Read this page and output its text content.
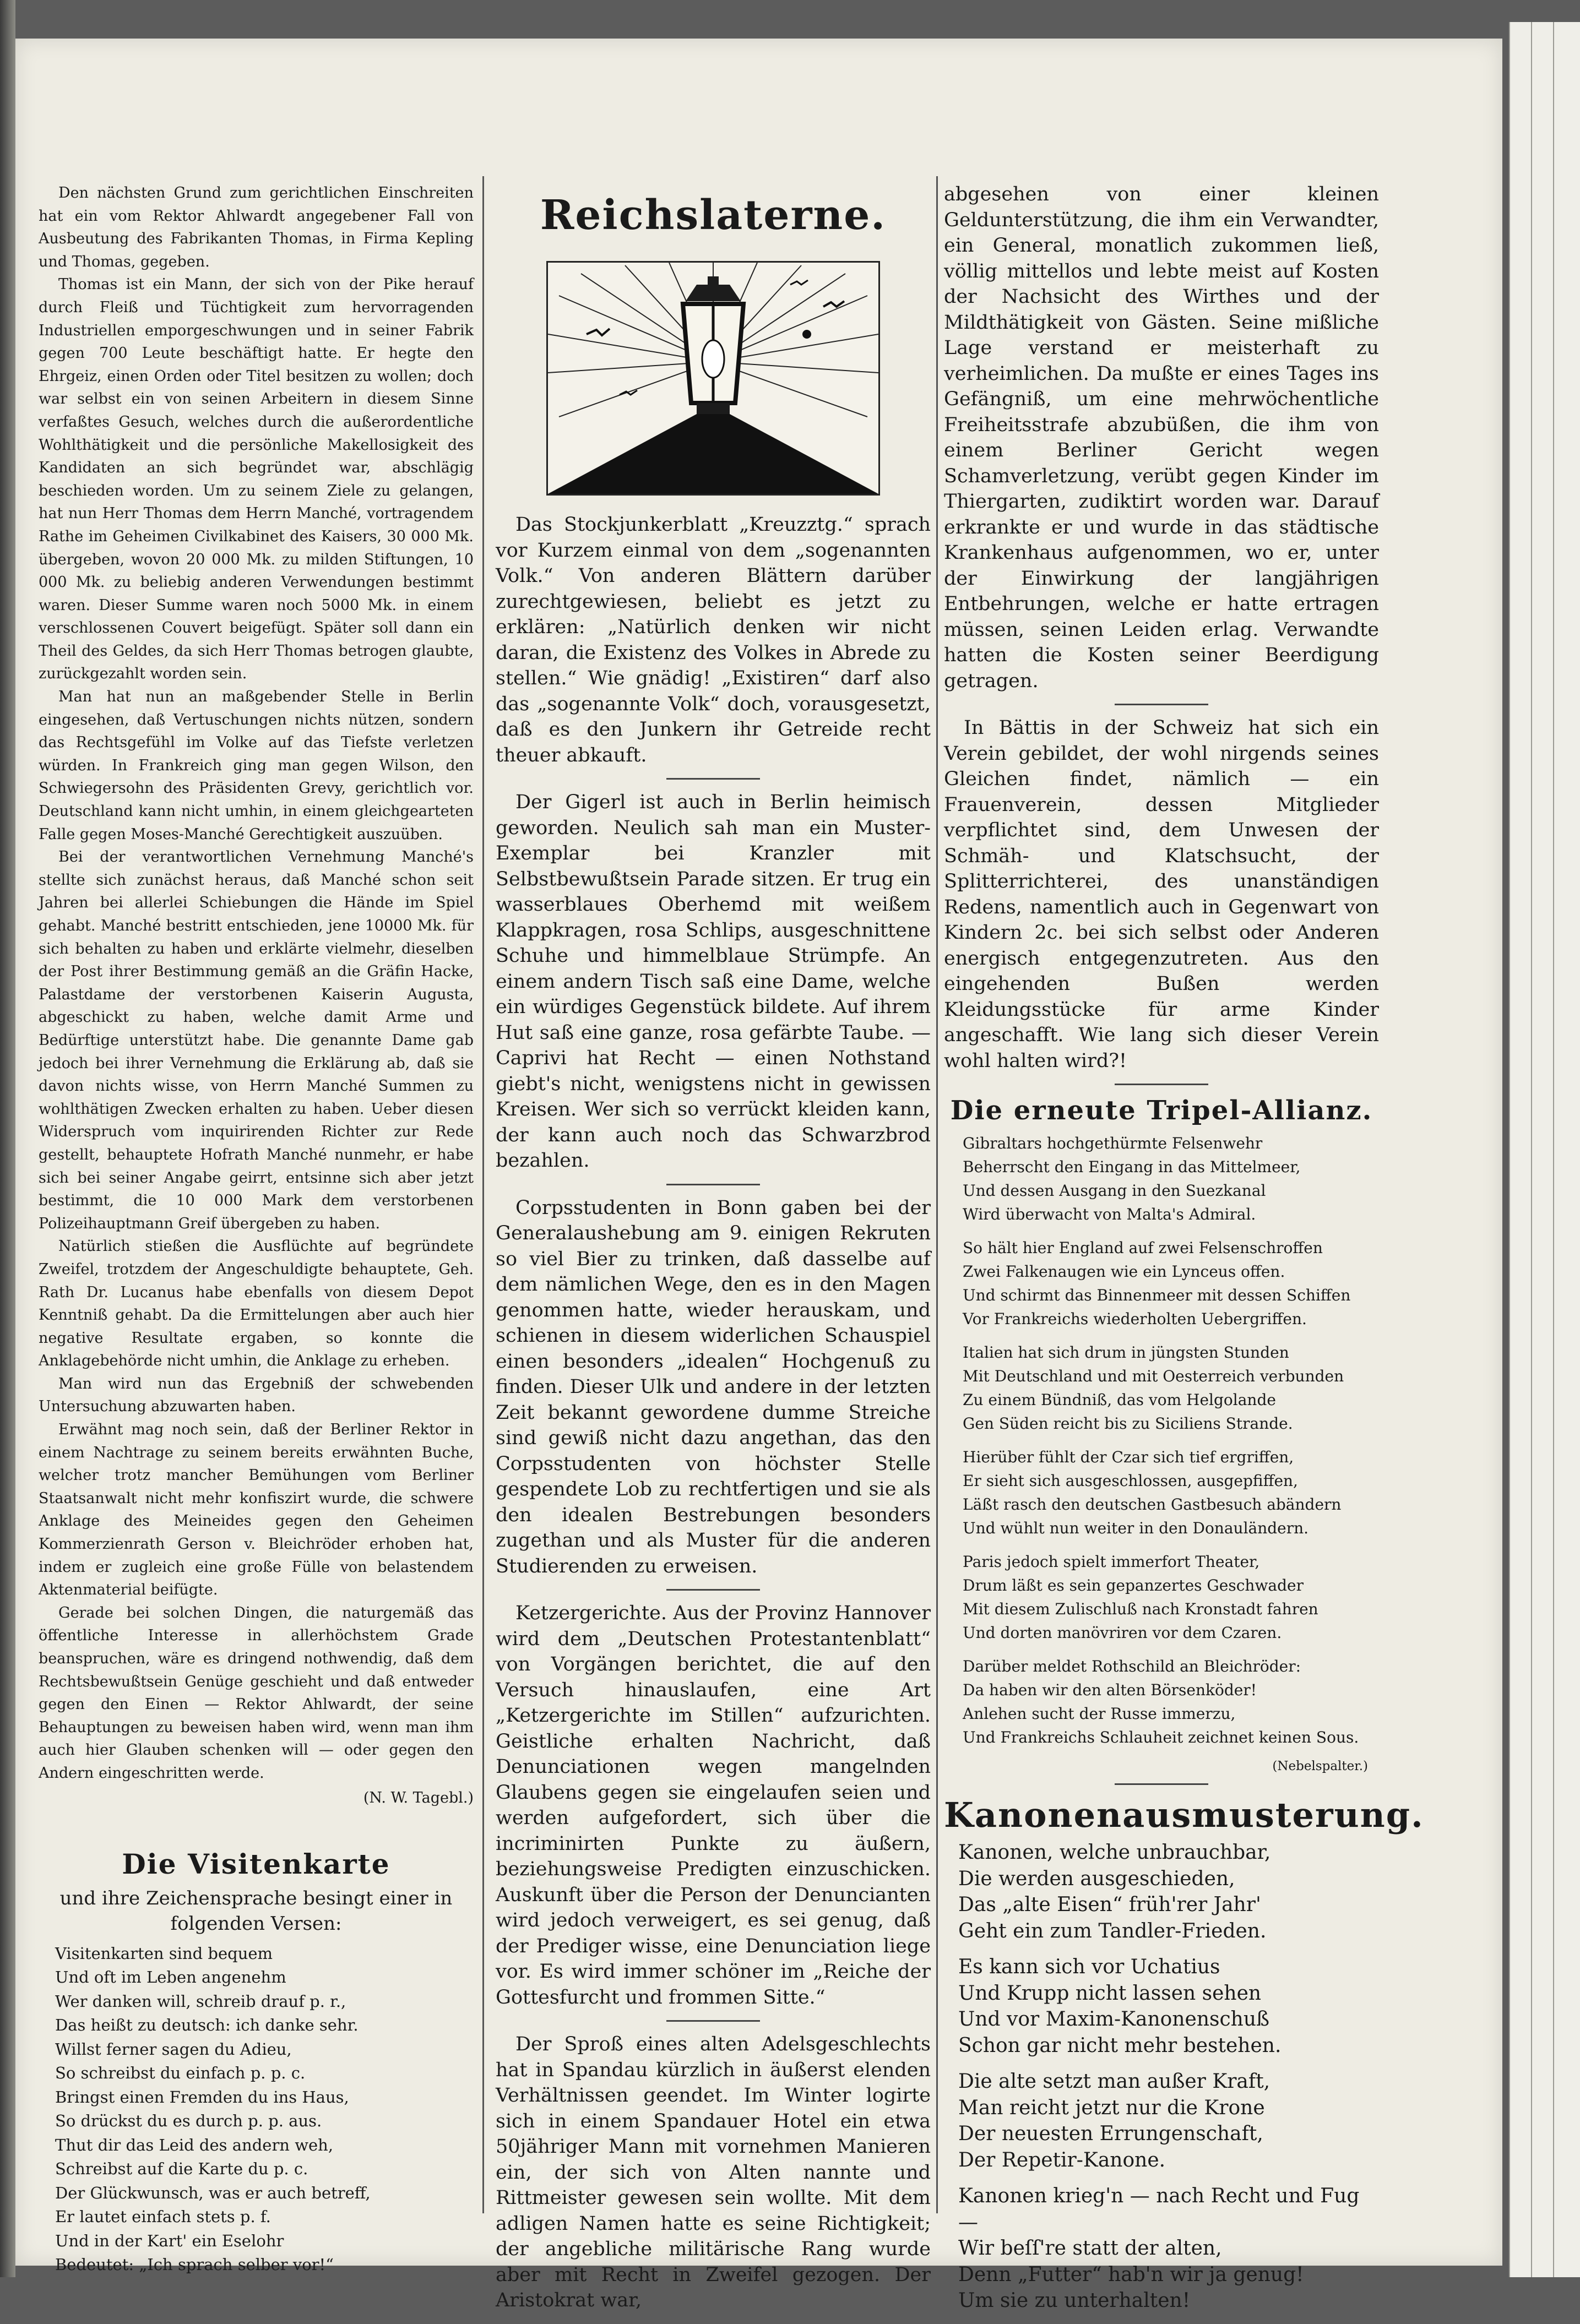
Den nächsten Grund zum gerichtlichen Einschreiten hat ein vom Rektor Ahlwardt angegebener Fall von Ausbeutung des Fabrikanten Thomas, in Firma Kepling und Thomas, gegeben.

Thomas ist ein Mann, der sich von der Pike herauf durch Fleiß und Tüchtigkeit zum hervorragenden Industriellen emporgeschwungen und in seiner Fabrik gegen 700 Leute beschäftigt hatte. Er hegte den Ehrgeiz, einen Orden oder Titel besitzen zu wollen; doch war selbst ein von seinen Arbeitern in diesem Sinne verfaßtes Gesuch, welches durch die außerordentliche Wohlthätigkeit und die persönliche Makellosigkeit des Kandidaten an sich begründet war, abschlägig beschieden worden. Um zu seinem Ziele zu gelangen, hat nun Herr Thomas dem Herrn Manché, vortragendem Rathe im Geheimen Civilkabinet des Kaisers, 30 000 Mk. übergeben, wovon 20 000 Mk. zu milden Stiftungen, 10 000 Mk. zu beliebig anderen Verwendungen bestimmt waren. Dieser Summe waren noch 5000 Mk. in einem verschlossenen Couvert beigefügt. Später soll dann ein Theil des Geldes, da sich Herr Thomas betrogen glaubte, zurückgezahlt worden sein.

Man hat nun an maßgebender Stelle in Berlin eingesehen, daß Vertuschungen nichts nützen, sondern das Rechtsgefühl im Volke auf das Tiefste verletzen würden. In Frankreich ging man gegen Wilson, den Schwiegersohn des Präsidenten Grevy, gerichtlich vor. Deutschland kann nicht umhin, in einem gleichgearteten Falle gegen Moses-Manché Gerechtigkeit auszuüben.

Bei der verantwortlichen Vernehmung Manché's stellte sich zunächst heraus, daß Manché schon seit Jahren bei allerlei Schiebungen die Hände im Spiel gehabt. Manché bestritt entschieden, jene 10000 Mk. für sich behalten zu haben und erklärte vielmehr, dieselben der Post ihrer Bestimmung gemäß an die Gräfin Hacke, Palastdame der verstorbenen Kaiserin Augusta, abgeschickt zu haben, welche damit Arme und Bedürftige unterstützt habe. Die genannte Dame gab jedoch bei ihrer Vernehmung die Erklärung ab, daß sie davon nichts wisse, von Herrn Manché Summen zu wohlthätigen Zwecken erhalten zu haben. Ueber diesen Widerspruch vom inquirirenden Richter zur Rede gestellt, behauptete Hofrath Manché nunmehr, er habe sich bei seiner Angabe geirrt, entsinne sich aber jetzt bestimmt, die 10 000 Mark dem verstorbenen Polizeihauptmann Greif übergeben zu haben.

Natürlich stießen die Ausflüchte auf begründete Zweifel, trotzdem der Angeschuldigte behauptete, Geh. Rath Dr. Lucanus habe ebenfalls von diesem Depot Kenntniß gehabt. Da die Ermittelungen aber auch hier negative Resultate ergaben, so konnte die Anklagebehörde nicht umhin, die Anklage zu erheben.

Man wird nun das Ergebniß der schwebenden Untersuchung abzuwarten haben.

Erwähnt mag noch sein, daß der Berliner Rektor in einem Nachtrage zu seinem bereits erwähnten Buche, welcher trotz mancher Bemühungen vom Berliner Staatsanwalt nicht mehr konfiszirt wurde, die schwere Anklage des Meineides gegen den Geheimen Kommerzienrath Gerson v. Bleichröder erhoben hat, indem er zugleich eine große Fülle von belastendem Aktenmaterial beifügte.

Gerade bei solchen Dingen, die naturgemäß das öffentliche Interesse in allerhöchstem Grade beanspruchen, wäre es dringend nothwendig, daß dem Rechtsbewußtsein Genüge geschieht und daß entweder gegen den Einen — Rektor Ahlwardt, der seine Behauptungen zu beweisen haben wird, wenn man ihm auch hier Glauben schenken will — oder gegen den Andern eingeschritten werde.

(N. W. Tagebl.)
Die Visitenkarte
und ihre Zeichensprache besingt einer in
folgenden Versen:
Visitenkarten sind bequem
Und oft im Leben angenehm
Wer danken will, schreib drauf p. r.,
Das heißt zu deutsch: ich danke sehr.
Willst ferner sagen du Adieu,
So schreibst du einfach p. p. c.
Bringst einen Fremden du ins Haus,
So drückst du es durch p. p. aus.
Thut dir das Leid des andern weh,
Schreibst auf die Karte du p. c.
Der Glückwunsch, was er auch betreff,
Er lautet einfach stets p. f.
Und in der Kart' ein Eselohr
Bedeutet: „Ich sprach selber vor!“
Reichslaterne.

Das Stockjunkerblatt „Kreuzztg.“ sprach vor Kurzem einmal von dem „sogenannten Volk.“ Von anderen Blättern darüber zurechtgewiesen, beliebt es jetzt zu erklären: „Natürlich denken wir nicht daran, die Existenz des Volkes in Abrede zu stellen.“ Wie gnädig! „Existiren“ darf also das „sogenannte Volk“ doch, vorausgesetzt, daß es den Junkern ihr Getreide recht theuer abkauft.

Der Gigerl ist auch in Berlin heimisch geworden. Neulich sah man ein Muster-Exemplar bei Kranzler mit Selbstbewußtsein Parade sitzen. Er trug ein wasserblaues Oberhemd mit weißem Klappkragen, rosa Schlips, ausgeschnittene Schuhe und himmelblaue Strümpfe. An einem andern Tisch saß eine Dame, welche ein würdiges Gegenstück bildete. Auf ihrem Hut saß eine ganze, rosa gefärbte Taube. — Caprivi hat Recht — einen Nothstand giebt's nicht, wenigstens nicht in gewissen Kreisen. Wer sich so verrückt kleiden kann, der kann auch noch das Schwarzbrod bezahlen.

Corpsstudenten in Bonn gaben bei der Generalaushebung am 9. einigen Rekruten so viel Bier zu trinken, daß dasselbe auf dem nämlichen Wege, den es in den Magen genommen hatte, wieder herauskam, und schienen in diesem widerlichen Schauspiel einen besonders „idealen“ Hochgenuß zu finden. Dieser Ulk und andere in der letzten Zeit bekannt gewordene dumme Streiche sind gewiß nicht dazu angethan, das den Corpsstudenten von höchster Stelle gespendete Lob zu rechtfertigen und sie als den idealen Bestrebungen besonders zugethan und als Muster für die anderen Studierenden zu erweisen.

Ketzergerichte. Aus der Provinz Hannover wird dem „Deutschen Protestantenblatt“ von Vorgängen berichtet, die auf den Versuch hinauslaufen, eine Art „Ketzergerichte im Stillen“ aufzurichten. Geistliche erhalten Nachricht, daß Denunciationen wegen mangelnden Glaubens gegen sie eingelaufen seien und werden aufgefordert, sich über die incriminirten Punkte zu äußern, beziehungsweise Predigten einzuschicken. Auskunft über die Person der Denuncianten wird jedoch verweigert, es sei genug, daß der Prediger wisse, eine Denunciation liege vor. Es wird immer schöner im „Reiche der Gottesfurcht und frommen Sitte.“

Der Sproß eines alten Adelsgeschlechts hat in Spandau kürzlich in äußerst elenden Verhältnissen geendet. Im Winter logirte sich in einem Spandauer Hotel ein etwa 50jähriger Mann mit vornehmen Manieren ein, der sich von Alten nannte und Rittmeister gewesen sein wollte. Mit dem adligen Namen hatte es seine Richtigkeit; der angebliche militärische Rang wurde aber mit Recht in Zweifel gezogen. Der Aristokrat war,

abgesehen von einer kleinen Geldunterstützung, die ihm ein Verwandter, ein General, monatlich zukommen ließ, völlig mittellos und lebte meist auf Kosten der Nachsicht des Wirthes und der Mildthätigkeit von Gästen. Seine mißliche Lage verstand er meisterhaft zu verheimlichen. Da mußte er eines Tages ins Gefängniß, um eine mehrwöchentliche Freiheitsstrafe abzubüßen, die ihm von einem Berliner Gericht wegen Schamverletzung, verübt gegen Kinder im Thiergarten, zudiktirt worden war. Darauf erkrankte er und wurde in das städtische Krankenhaus aufgenommen, wo er, unter der Einwirkung der langjährigen Entbehrungen, welche er hatte ertragen müssen, seinen Leiden erlag. Verwandte hatten die Kosten seiner Beerdigung getragen.

In Bättis in der Schweiz hat sich ein Verein gebildet, der wohl nirgends seines Gleichen findet, nämlich — ein Frauenverein, dessen Mitglieder verpflichtet sind, dem Unwesen der Schmäh- und Klatschsucht, der Splitterrichterei, des unanständigen Redens, namentlich auch in Gegenwart von Kindern 2c. bei sich selbst oder Anderen energisch entgegenzutreten. Aus den eingehenden Bußen werden Kleidungsstücke für arme Kinder angeschafft. Wie lang sich dieser Verein wohl halten wird?!

Die erneute Tripel-Allianz.
Gibraltars hochgethürmte Felsenwehr
Beherrscht den Eingang in das Mittelmeer,
Und dessen Ausgang in den Suezkanal
Wird überwacht von Malta's Admiral.
So hält hier England auf zwei Felsenschroffen
Zwei Falkenaugen wie ein Lynceus offen.
Und schirmt das Binnenmeer mit dessen Schiffen
Vor Frankreichs wiederholten Uebergriffen.
Italien hat sich drum in jüngsten Stunden
Mit Deutschland und mit Oesterreich verbunden
Zu einem Bündniß, das vom Helgolande
Gen Süden reicht bis zu Siciliens Strande.
Hierüber fühlt der Czar sich tief ergriffen,
Er sieht sich ausgeschlossen, ausgepfiffen,
Läßt rasch den deutschen Gastbesuch abändern
Und wühlt nun weiter in den Donauländern.
Paris jedoch spielt immerfort Theater,
Drum läßt es sein gepanzertes Geschwader
Mit diesem Zulischluß nach Kronstadt fahren
Und dorten manövriren vor dem Czaren.
Darüber meldet Rothschild an Bleichröder:
Da haben wir den alten Börsenköder!
Anlehen sucht der Russe immerzu,
Und Frankreichs Schlauheit zeichnet keinen Sous.
(Nebelspalter.)
Kanonenausmusterung.
Kanonen, welche unbrauchbar,
Die werden ausgeschieden,
Das „alte Eisen“ früh'rer Jahr'
Geht ein zum Tandler-Frieden.
Es kann sich vor Uchatius
Und Krupp nicht lassen sehen
Und vor Maxim-Kanonenschuß
Schon gar nicht mehr bestehen.
Die alte setzt man außer Kraft,
Man reicht jetzt nur die Krone
Der neuesten Errungenschaft,
Der Repetir-Kanone.
Kanonen krieg'n — nach Recht und Fug —
Wir beſſ're statt der alten,
Denn „Futter“ hab'n wir ja genug!
Um sie zu unterhalten!
